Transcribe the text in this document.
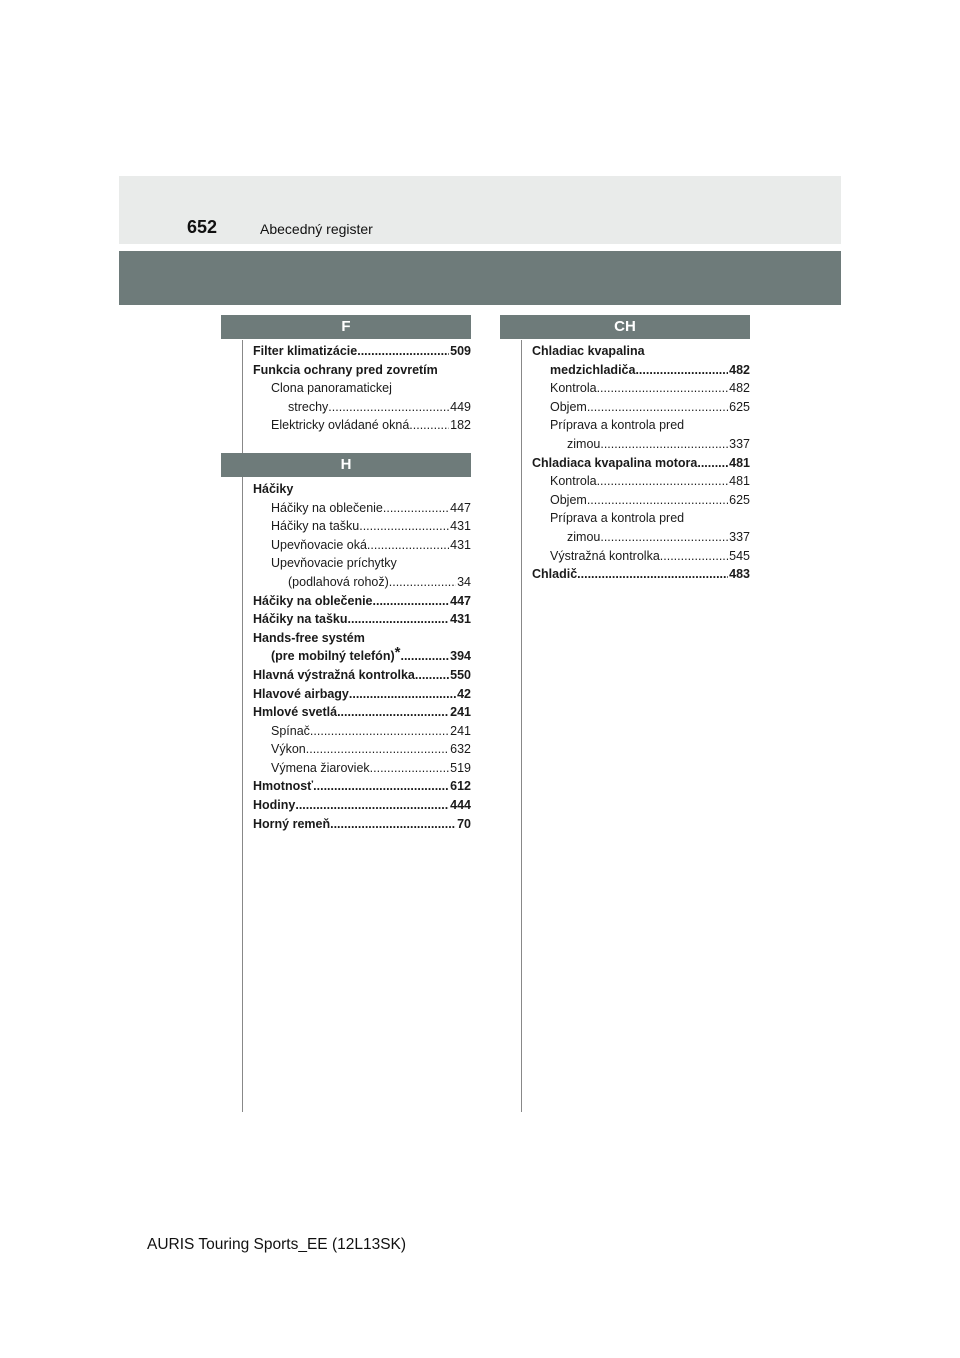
652	Abecedný register
F
Filter klimatizácie .....	509
Funkcia ochrany pred zovretím
Clona panoramatickej
strechy .....	449
Elektricky ovládané okná .....	182
H
Háčiky
Háčiky na oblečenie .....	447
Háčiky na tašku .....	431
Upevňovacie oká .....	431
Upevňovacie príchytky
(podlahová rohož) .....	34
Háčiky na oblečenie .....	447
Háčiky na tašku .....	431
Hands-free systém
(pre mobilný telefón)* .....	394
Hlavná výstražná kontrolka .....	550
Hlavové airbagy .....	42
Hmlové svetlá .....	241
Spínač .....	241
Výkon .....	632
Výmena žiaroviek .....	519
Hmotnosť .....	612
Hodiny .....	444
Horný remeň .....	70
CH
Chladiac kvapalina
medzichladiča .....	482
Kontrola .....	482
Objem .....	625
Príprava a kontrola pred
zimou .....	337
Chladiaca kvapalina motora .....	481
Kontrola .....	481
Objem .....	625
Príprava a kontrola pred
zimou .....	337
Výstražná kontrolka .....	545
Chladič .....	483
AURIS Touring Sports_EE (12L13SK)
